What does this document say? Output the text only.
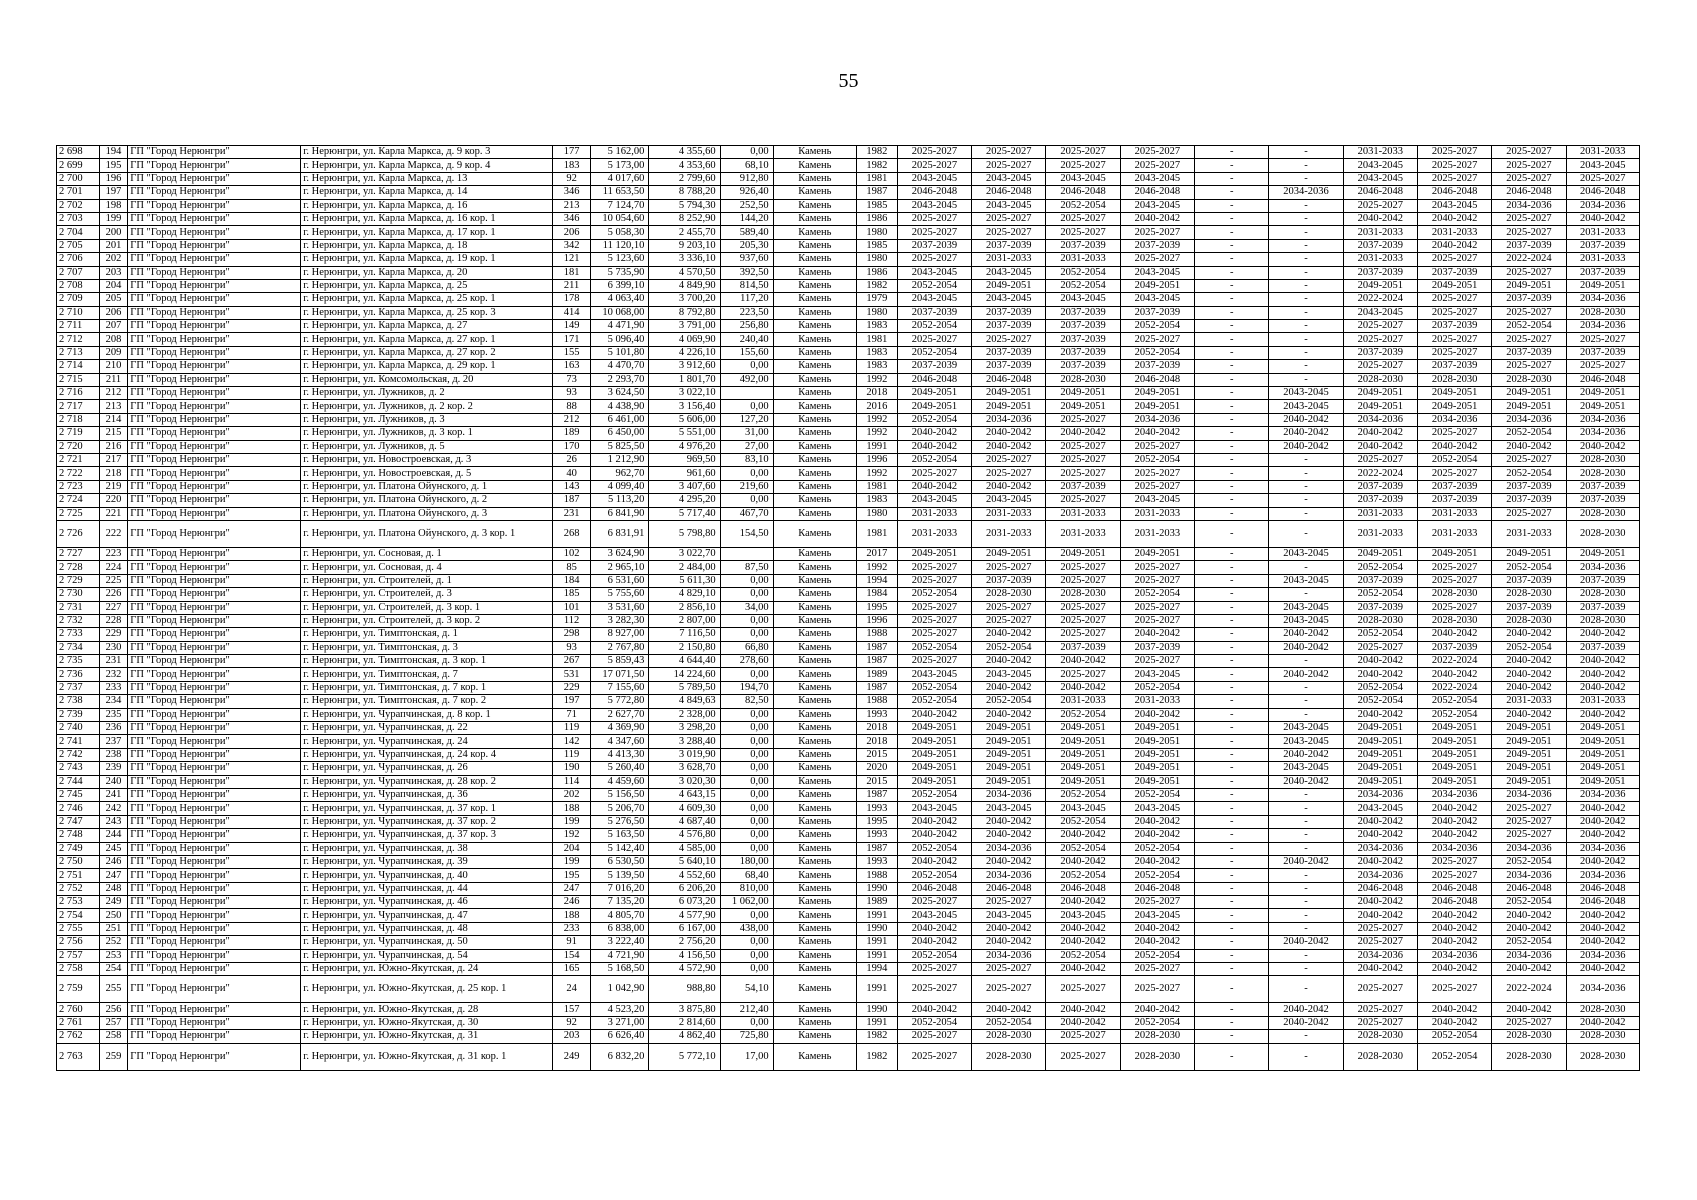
55
2 698	194	ГП "Город Нерюнгри"	г. Нерюнгри, ул. Карла Маркса, д. 9 кор. 3	177	5 162,00	4 355,60	0,00	Камень	1982	2025-2027	2025-2027	2025-2027	2025-2027	-	-	2031-2033	2025-2027	2025-2027	2031-2033
2 699	195	ГП "Город Нерюнгри"	г. Нерюнгри, ул. Карла Маркса, д. 9 кор. 4	183	5 173,00	4 353,60	68,10	Камень	1982	2025-2027	2025-2027	2025-2027	2025-2027	-	-	2043-2045	2025-2027	2025-2027	2043-2045
2 700	196	ГП "Город Нерюнгри"	г. Нерюнгри, ул. Карла Маркса, д. 13	92	4 017,60	2 799,60	912,80	Камень	1981	2043-2045	2043-2045	2043-2045	2043-2045	-	-	2043-2045	2025-2027	2025-2027	2025-2027
2 701	197	ГП "Город Нерюнгри"	г. Нерюнгри, ул. Карла Маркса, д. 14	346	11 653,50	8 788,20	926,40	Камень	1987	2046-2048	2046-2048	2046-2048	2046-2048	-	2034-2036	2046-2048	2046-2048	2046-2048	2046-2048
2 702	198	ГП "Город Нерюнгри"	г. Нерюнгри, ул. Карла Маркса, д. 16	213	7 124,70	5 794,30	252,50	Камень	1985	2043-2045	2043-2045	2052-2054	2043-2045	-	-	2025-2027	2043-2045	2034-2036	2034-2036
2 703	199	ГП "Город Нерюнгри"	г. Нерюнгри, ул. Карла Маркса, д. 16 кор. 1	346	10 054,60	8 252,90	144,20	Камень	1986	2025-2027	2025-2027	2025-2027	2040-2042	-	-	2040-2042	2040-2042	2025-2027	2040-2042
2 704	200	ГП "Город Нерюнгри"	г. Нерюнгри, ул. Карла Маркса, д. 17 кор. 1	206	5 058,30	2 455,70	589,40	Камень	1980	2025-2027	2025-2027	2025-2027	2025-2027	-	-	2031-2033	2031-2033	2025-2027	2031-2033
2 705	201	ГП "Город Нерюнгри"	г. Нерюнгри, ул. Карла Маркса, д. 18	342	11 120,10	9 203,10	205,30	Камень	1985	2037-2039	2037-2039	2037-2039	2037-2039	-	-	2037-2039	2040-2042	2037-2039	2037-2039
2 706	202	ГП "Город Нерюнгри"	г. Нерюнгри, ул. Карла Маркса, д. 19 кор. 1	121	5 123,60	3 336,10	937,60	Камень	1980	2025-2027	2031-2033	2031-2033	2025-2027	-	-	2031-2033	2025-2027	2022-2024	2031-2033
2 707	203	ГП "Город Нерюнгри"	г. Нерюнгри, ул. Карла Маркса, д. 20	181	5 735,90	4 570,50	392,50	Камень	1986	2043-2045	2043-2045	2052-2054	2043-2045	-	-	2037-2039	2037-2039	2025-2027	2037-2039
2 708	204	ГП "Город Нерюнгри"	г. Нерюнгри, ул. Карла Маркса, д. 25	211	6 399,10	4 849,90	814,50	Камень	1982	2052-2054	2049-2051	2052-2054	2049-2051	-	-	2049-2051	2049-2051	2049-2051	2049-2051
2 709	205	ГП "Город Нерюнгри"	г. Нерюнгри, ул. Карла Маркса, д. 25 кор. 1	178	4 063,40	3 700,20	117,20	Камень	1979	2043-2045	2043-2045	2043-2045	2043-2045	-	-	2022-2024	2025-2027	2037-2039	2034-2036
2 710	206	ГП "Город Нерюнгри"	г. Нерюнгри, ул. Карла Маркса, д. 25 кор. 3	414	10 068,00	8 792,80	223,50	Камень	1980	2037-2039	2037-2039	2037-2039	2037-2039	-	-	2043-2045	2025-2027	2025-2027	2028-2030
2 711	207	ГП "Город Нерюнгри"	г. Нерюнгри, ул. Карла Маркса, д. 27	149	4 471,90	3 791,00	256,80	Камень	1983	2052-2054	2037-2039	2037-2039	2052-2054	-	-	2025-2027	2037-2039	2052-2054	2034-2036
2 712	208	ГП "Город Нерюнгри"	г. Нерюнгри, ул. Карла Маркса, д. 27 кор. 1	171	5 096,40	4 069,90	240,40	Камень	1981	2025-2027	2025-2027	2037-2039	2025-2027	-	-	2025-2027	2025-2027	2025-2027	2025-2027
2 713	209	ГП "Город Нерюнгри"	г. Нерюнгри, ул. Карла Маркса, д. 27 кор. 2	155	5 101,80	4 226,10	155,60	Камень	1983	2052-2054	2037-2039	2037-2039	2052-2054	-	-	2037-2039	2025-2027	2037-2039	2037-2039
2 714	210	ГП "Город Нерюнгри"	г. Нерюнгри, ул. Карла Маркса, д. 29 кор. 1	163	4 470,70	3 912,60	0,00	Камень	1983	2037-2039	2037-2039	2037-2039	2037-2039	-	-	2025-2027	2037-2039	2025-2027	2025-2027
2 715	211	ГП "Город Нерюнгри"	г. Нерюнгри, ул. Комсомольская, д. 20	73	2 293,70	1 801,70	492,00	Камень	1992	2046-2048	2046-2048	2028-2030	2046-2048	-	-	2028-2030	2028-2030	2028-2030	2046-2048
2 716	212	ГП "Город Нерюнгри"	г. Нерюнгри, ул. Лужников, д. 2	93	3 624,50	3 022,10		Камень	2018	2049-2051	2049-2051	2049-2051	2049-2051	-	2043-2045	2049-2051	2049-2051	2049-2051	2049-2051
2 717	213	ГП "Город Нерюнгри"	г. Нерюнгри, ул. Лужников, д. 2 кор. 2	88	4 438,90	3 156,40	0,00	Камень	2016	2049-2051	2049-2051	2049-2051	2049-2051	-	2043-2045	2049-2051	2049-2051	2049-2051	2049-2051
2 718	214	ГП "Город Нерюнгри"	г. Нерюнгри, ул. Лужников, д. 3	212	6 461,00	5 606,00	127,20	Камень	1992	2052-2054	2034-2036	2025-2027	2034-2036	-	2040-2042	2034-2036	2034-2036	2034-2036	2034-2036
2 719	215	ГП "Город Нерюнгри"	г. Нерюнгри, ул. Лужников, д. 3 кор. 1	189	6 450,00	5 551,00	31,00	Камень	1992	2040-2042	2040-2042	2040-2042	2040-2042	-	2040-2042	2040-2042	2025-2027	2052-2054	2034-2036
2 720	216	ГП "Город Нерюнгри"	г. Нерюнгри, ул. Лужников, д. 5	170	5 825,50	4 976,20	27,00	Камень	1991	2040-2042	2040-2042	2025-2027	2025-2027	-	2040-2042	2040-2042	2040-2042	2040-2042	2040-2042
2 721	217	ГП "Город Нерюнгри"	г. Нерюнгри, ул. Новостроевская, д. 3	26	1 212,90	969,50	83,10	Камень	1996	2052-2054	2025-2027	2025-2027	2052-2054	-	-	2025-2027	2052-2054	2025-2027	2028-2030
2 722	218	ГП "Город Нерюнгри"	г. Нерюнгри, ул. Новостроевская, д. 5	40	962,70	961,60	0,00	Камень	1992	2025-2027	2025-2027	2025-2027	2025-2027	-	-	2022-2024	2025-2027	2052-2054	2028-2030
2 723	219	ГП "Город Нерюнгри"	г. Нерюнгри, ул. Платона Ойунского, д. 1	143	4 099,40	3 407,60	219,60	Камень	1981	2040-2042	2040-2042	2037-2039	2025-2027	-	-	2037-2039	2037-2039	2037-2039	2037-2039
2 724	220	ГП "Город Нерюнгри"	г. Нерюнгри, ул. Платона Ойунского, д. 2	187	5 113,20	4 295,20	0,00	Камень	1983	2043-2045	2043-2045	2025-2027	2043-2045	-	-	2037-2039	2037-2039	2037-2039	2037-2039
2 725	221	ГП "Город Нерюнгри"	г. Нерюнгри, ул. Платона Ойунского, д. 3	231	6 841,90	5 717,40	467,70	Камень	1980	2031-2033	2031-2033	2031-2033	2031-2033	-	-	2031-2033	2031-2033	2025-2027	2028-2030
2 726	222	ГП "Город Нерюнгри"	г. Нерюнгри, ул. Платона Ойунского, д. 3 кор. 1	268	6 831,91	5 798,80	154,50	Камень	1981	2031-2033	2031-2033	2031-2033	2031-2033	-	-	2031-2033	2031-2033	2031-2033	2028-2030
2 727	223	ГП "Город Нерюнгри"	г. Нерюнгри, ул. Сосновая, д. 1	102	3 624,90	3 022,70		Камень	2017	2049-2051	2049-2051	2049-2051	2049-2051	-	2043-2045	2049-2051	2049-2051	2049-2051	2049-2051
2 728	224	ГП "Город Нерюнгри"	г. Нерюнгри, ул. Сосновая, д. 4	85	2 965,10	2 484,00	87,50	Камень	1992	2025-2027	2025-2027	2025-2027	2025-2027	-	-	2052-2054	2025-2027	2052-2054	2034-2036
2 729	225	ГП "Город Нерюнгри"	г. Нерюнгри, ул. Строителей, д. 1	184	6 531,60	5 611,30	0,00	Камень	1994	2025-2027	2037-2039	2025-2027	2025-2027	-	2043-2045	2037-2039	2025-2027	2037-2039	2037-2039
2 730	226	ГП "Город Нерюнгри"	г. Нерюнгри, ул. Строителей, д. 3	185	5 755,60	4 829,10	0,00	Камень	1984	2052-2054	2028-2030	2028-2030	2052-2054	-	-	2052-2054	2028-2030	2028-2030	2028-2030
2 731	227	ГП "Город Нерюнгри"	г. Нерюнгри, ул. Строителей, д. 3 кор. 1	101	3 531,60	2 856,10	34,00	Камень	1995	2025-2027	2025-2027	2025-2027	2025-2027	-	2043-2045	2037-2039	2025-2027	2037-2039	2037-2039
2 732	228	ГП "Город Нерюнгри"	г. Нерюнгри, ул. Строителей, д. 3 кор. 2	112	3 282,30	2 807,00	0,00	Камень	1996	2025-2027	2025-2027	2025-2027	2025-2027	-	2043-2045	2028-2030	2028-2030	2028-2030	2028-2030
2 733	229	ГП "Город Нерюнгри"	г. Нерюнгри, ул. Тимптонская, д. 1	298	8 927,00	7 116,50	0,00	Камень	1988	2025-2027	2040-2042	2025-2027	2040-2042	-	2040-2042	2052-2054	2040-2042	2040-2042	2040-2042
2 734	230	ГП "Город Нерюнгри"	г. Нерюнгри, ул. Тимптонская, д. 3	93	2 767,80	2 150,80	66,80	Камень	1987	2052-2054	2052-2054	2037-2039	2037-2039	-	2040-2042	2025-2027	2037-2039	2052-2054	2037-2039
2 735	231	ГП "Город Нерюнгри"	г. Нерюнгри, ул. Тимптонская, д. 3 кор. 1	267	5 859,43	4 644,40	278,60	Камень	1987	2025-2027	2040-2042	2040-2042	2025-2027	-	-	2040-2042	2022-2024	2040-2042	2040-2042
2 736	232	ГП "Город Нерюнгри"	г. Нерюнгри, ул. Тимптонская, д. 7	531	17 071,50	14 224,60	0,00	Камень	1989	2043-2045	2043-2045	2025-2027	2043-2045	-	2040-2042	2040-2042	2040-2042	2040-2042	2040-2042
2 737	233	ГП "Город Нерюнгри"	г. Нерюнгри, ул. Тимптонская, д. 7 кор. 1	229	7 155,60	5 789,50	194,70	Камень	1987	2052-2054	2040-2042	2040-2042	2052-2054	-	-	2052-2054	2022-2024	2040-2042	2040-2042
2 738	234	ГП "Город Нерюнгри"	г. Нерюнгри, ул. Тимптонская, д. 7 кор. 2	197	5 772,80	4 849,63	82,50	Камень	1988	2052-2054	2052-2054	2031-2033	2031-2033	-	-	2052-2054	2052-2054	2031-2033	2031-2033
2 739	235	ГП "Город Нерюнгри"	г. Нерюнгри, ул. Чурапчинская, д. 8 кор. 1	71	2 627,70	2 328,00	0,00	Камень	1993	2040-2042	2040-2042	2052-2054	2040-2042	-	-	2040-2042	2052-2054	2040-2042	2040-2042
2 740	236	ГП "Город Нерюнгри"	г. Нерюнгри, ул. Чурапчинская, д. 22	119	4 369,90	3 298,20	0,00	Камень	2018	2049-2051	2049-2051	2049-2051	2049-2051	-	2043-2045	2049-2051	2049-2051	2049-2051	2049-2051
2 741	237	ГП "Город Нерюнгри"	г. Нерюнгри, ул. Чурапчинская, д. 24	142	4 347,60	3 288,40	0,00	Камень	2018	2049-2051	2049-2051	2049-2051	2049-2051	-	2043-2045	2049-2051	2049-2051	2049-2051	2049-2051
2 742	238	ГП "Город Нерюнгри"	г. Нерюнгри, ул. Чурапчинская, д. 24 кор. 4	119	4 413,30	3 019,90	0,00	Камень	2015	2049-2051	2049-2051	2049-2051	2049-2051	-	2040-2042	2049-2051	2049-2051	2049-2051	2049-2051
2 743	239	ГП "Город Нерюнгри"	г. Нерюнгри, ул. Чурапчинская, д. 26	190	5 260,40	3 628,70	0,00	Камень	2020	2049-2051	2049-2051	2049-2051	2049-2051	-	2043-2045	2049-2051	2049-2051	2049-2051	2049-2051
2 744	240	ГП "Город Нерюнгри"	г. Нерюнгри, ул. Чурапчинская, д. 28 кор. 2	114	4 459,60	3 020,30	0,00	Камень	2015	2049-2051	2049-2051	2049-2051	2049-2051	-	2040-2042	2049-2051	2049-2051	2049-2051	2049-2051
2 745	241	ГП "Город Нерюнгри"	г. Нерюнгри, ул. Чурапчинская, д. 36	202	5 156,50	4 643,15	0,00	Камень	1987	2052-2054	2034-2036	2052-2054	2052-2054	-	-	2034-2036	2034-2036	2034-2036	2034-2036
2 746	242	ГП "Город Нерюнгри"	г. Нерюнгри, ул. Чурапчинская, д. 37 кор. 1	188	5 206,70	4 609,30	0,00	Камень	1993	2043-2045	2043-2045	2043-2045	2043-2045	-	-	2043-2045	2040-2042	2025-2027	2040-2042
2 747	243	ГП "Город Нерюнгри"	г. Нерюнгри, ул. Чурапчинская, д. 37 кор. 2	199	5 276,50	4 687,40	0,00	Камень	1995	2040-2042	2040-2042	2052-2054	2040-2042	-	-	2040-2042	2040-2042	2025-2027	2040-2042
2 748	244	ГП "Город Нерюнгри"	г. Нерюнгри, ул. Чурапчинская, д. 37 кор. 3	192	5 163,50	4 576,80	0,00	Камень	1993	2040-2042	2040-2042	2040-2042	2040-2042	-	-	2040-2042	2040-2042	2025-2027	2040-2042
2 749	245	ГП "Город Нерюнгри"	г. Нерюнгри, ул. Чурапчинская, д. 38	204	5 142,40	4 585,00	0,00	Камень	1987	2052-2054	2034-2036	2052-2054	2052-2054	-	-	2034-2036	2034-2036	2034-2036	2034-2036
2 750	246	ГП "Город Нерюнгри"	г. Нерюнгри, ул. Чурапчинская, д. 39	199	6 530,50	5 640,10	180,00	Камень	1993	2040-2042	2040-2042	2040-2042	2040-2042	-	2040-2042	2040-2042	2025-2027	2052-2054	2040-2042
2 751	247	ГП "Город Нерюнгри"	г. Нерюнгри, ул. Чурапчинская, д. 40	195	5 139,50	4 552,60	68,40	Камень	1988	2052-2054	2034-2036	2052-2054	2052-2054	-	-	2034-2036	2025-2027	2034-2036	2034-2036
2 752	248	ГП "Город Нерюнгри"	г. Нерюнгри, ул. Чурапчинская, д. 44	247	7 016,20	6 206,20	810,00	Камень	1990	2046-2048	2046-2048	2046-2048	2046-2048	-	-	2046-2048	2046-2048	2046-2048	2046-2048
2 753	249	ГП "Город Нерюнгри"	г. Нерюнгри, ул. Чурапчинская, д. 46	246	7 135,20	6 073,20	1 062,00	Камень	1989	2025-2027	2025-2027	2040-2042	2025-2027	-	-	2040-2042	2046-2048	2052-2054	2046-2048
2 754	250	ГП "Город Нерюнгри"	г. Нерюнгри, ул. Чурапчинская, д. 47	188	4 805,70	4 577,90	0,00	Камень	1991	2043-2045	2043-2045	2043-2045	2043-2045	-	-	2040-2042	2040-2042	2040-2042	2040-2042
2 755	251	ГП "Город Нерюнгри"	г. Нерюнгри, ул. Чурапчинская, д. 48	233	6 838,00	6 167,00	438,00	Камень	1990	2040-2042	2040-2042	2040-2042	2040-2042	-	-	2025-2027	2040-2042	2040-2042	2040-2042
2 756	252	ГП "Город Нерюнгри"	г. Нерюнгри, ул. Чурапчинская, д. 50	91	3 222,40	2 756,20	0,00	Камень	1991	2040-2042	2040-2042	2040-2042	2040-2042	-	2040-2042	2025-2027	2040-2042	2052-2054	2040-2042
2 757	253	ГП "Город Нерюнгри"	г. Нерюнгри, ул. Чурапчинская, д. 54	154	4 721,90	4 156,50	0,00	Камень	1991	2052-2054	2034-2036	2052-2054	2052-2054	-	-	2034-2036	2034-2036	2034-2036	2034-2036
2 758	254	ГП "Город Нерюнгри"	г. Нерюнгри, ул. Южно-Якутская, д. 24	165	5 168,50	4 572,90	0,00	Камень	1994	2025-2027	2025-2027	2040-2042	2025-2027	-	-	2040-2042	2040-2042	2040-2042	2040-2042
2 759	255	ГП "Город Нерюнгри"	г. Нерюнгри, ул. Южно-Якутская, д. 25 кор. 1	24	1 042,90	988,80	54,10	Камень	1991	2025-2027	2025-2027	2025-2027	2025-2027	-	-	2025-2027	2025-2027	2022-2024	2034-2036
2 760	256	ГП "Город Нерюнгри"	г. Нерюнгри, ул. Южно-Якутская, д. 28	157	4 523,20	3 875,80	212,40	Камень	1990	2040-2042	2040-2042	2040-2042	2040-2042	-	2040-2042	2025-2027	2040-2042	2040-2042	2028-2030
2 761	257	ГП "Город Нерюнгри"	г. Нерюнгри, ул. Южно-Якутская, д. 30	92	3 271,00	2 814,60	0,00	Камень	1991	2052-2054	2052-2054	2040-2042	2052-2054	-	2040-2042	2025-2027	2040-2042	2025-2027	2040-2042
2 762	258	ГП "Город Нерюнгри"	г. Нерюнгри, ул. Южно-Якутская, д. 31	203	6 626,40	4 862,40	725,80	Камень	1982	2025-2027	2028-2030	2025-2027	2028-2030	-	-	2028-2030	2052-2054	2028-2030	2028-2030
2 763	259	ГП "Город Нерюнгри"	г. Нерюнгри, ул. Южно-Якутская, д. 31 кор. 1	249	6 832,20	5 772,10	17,00	Камень	1982	2025-2027	2028-2030	2025-2027	2028-2030	-	-	2028-2030	2052-2054	2028-2030	2028-2030
